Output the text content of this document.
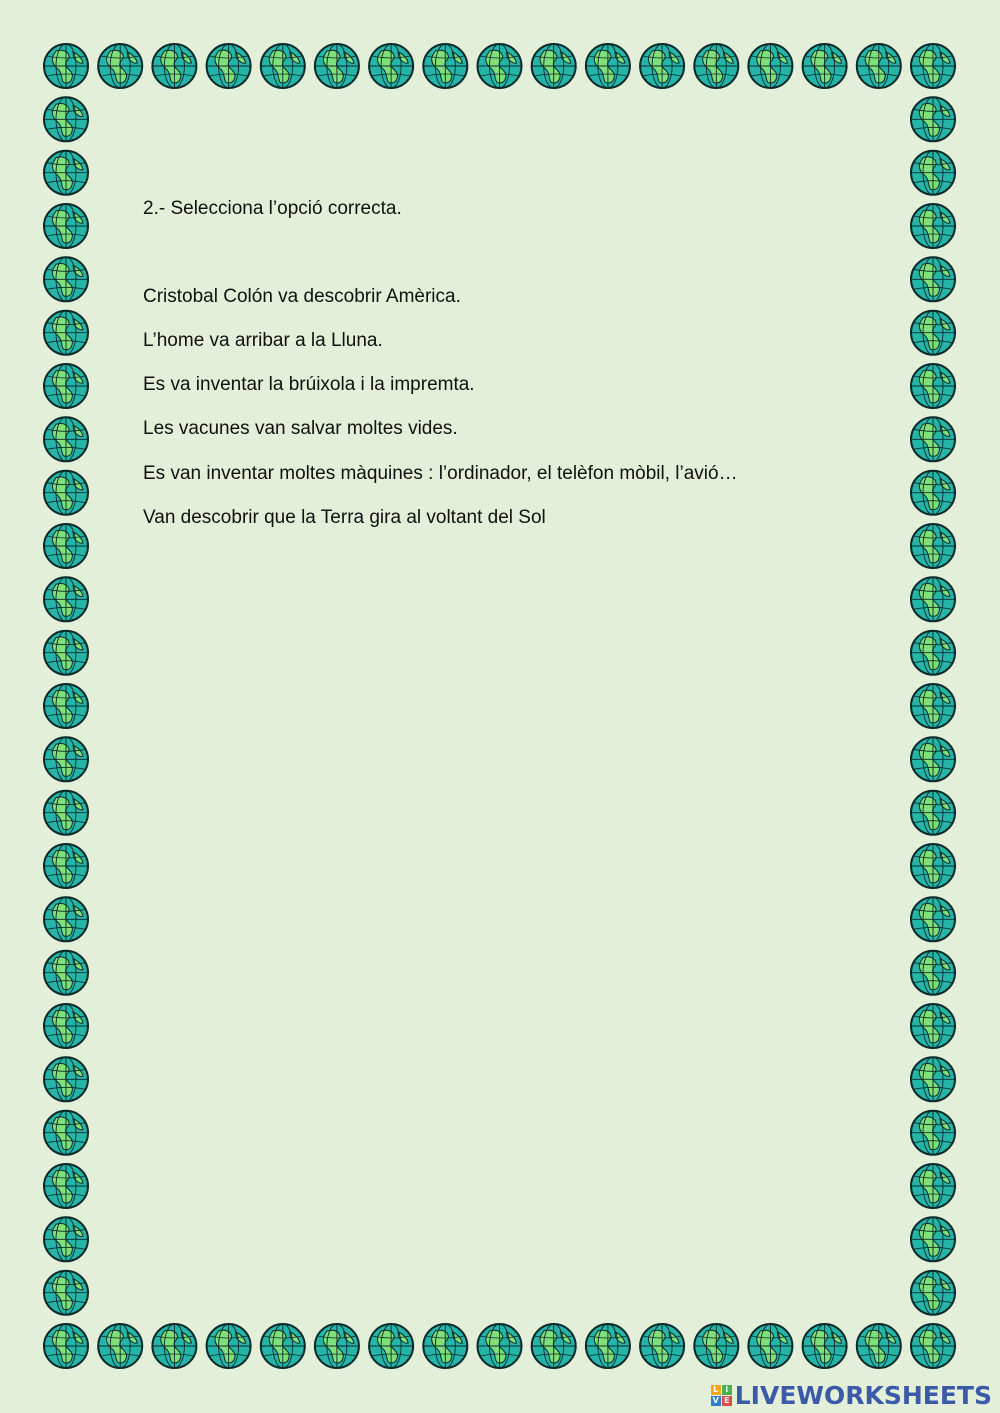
2.- Selecciona l’opció correcta.
Cristobal Colón va descobrir Amèrica.
L’home va arribar a la Lluna.
Es va inventar la brúixola i la impremta.
Les vacunes van salvar moltes vides.
Es van inventar moltes màquines : l’ordinador, el telèfon mòbil, l’avió…
Van descobrir que la Terra gira al voltant del Sol
L I
V E LIVEWORKSHEETS
